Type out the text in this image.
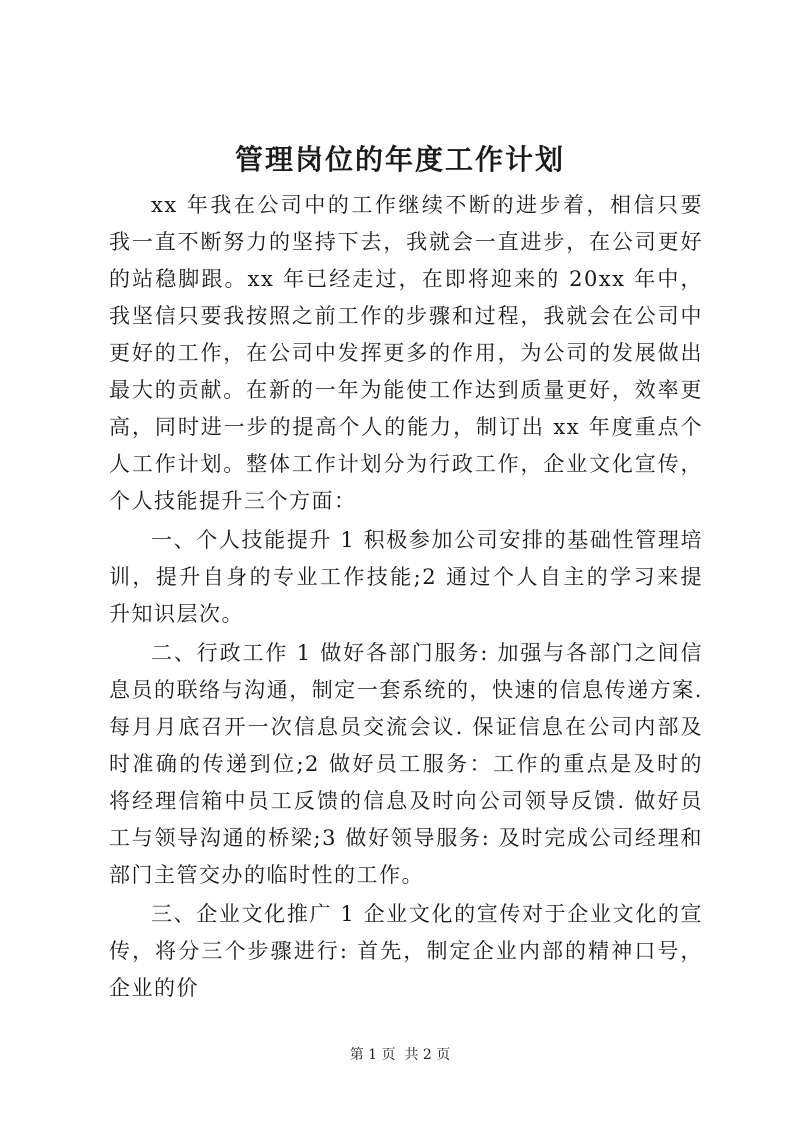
管理岗位的年度工作计划

xx 年我在公司中的工作继续不断的进步着，相信只要我一直不断努力的坚持下去，我就会一直进步，在公司更好的站稳脚跟。xx 年已经走过，在即将迎来的 20xx 年中，我坚信只要我按照之前工作的步骤和过程，我就会在公司中更好的工作，在公司中发挥更多的作用，为公司的发展做出最大的贡献。在新的一年为能使工作达到质量更好，效率更高，同时进一步的提高个人的能力，制订出 xx 年度重点个人工作计划。整体工作计划分为行政工作，企业文化宣传，个人技能提升三个方面：

一、个人技能提升 1 积极参加公司安排的基础性管理培训，提升自身的专业工作技能;2 通过个人自主的学习来提升知识层次。

二、行政工作 1 做好各部门服务: 加强与各部门之间信息员的联络与沟通，制定一套系统的，快速的信息传递方案. 每月月底召开一次信息员交流会议. 保证信息在公司内部及时准确的传递到位;2 做好员工服务：工作的重点是及时的将经理信箱中员工反馈的信息及时向公司领导反馈. 做好员工与领导沟通的桥梁;3 做好领导服务: 及时完成公司经理和部门主管交办的临时性的工作。

三、企业文化推广 1 企业文化的宣传对于企业文化的宣传，将分三个步骤进行: 首先，制定企业内部的精神口号，企业的价

第 1 页  共 2 页
